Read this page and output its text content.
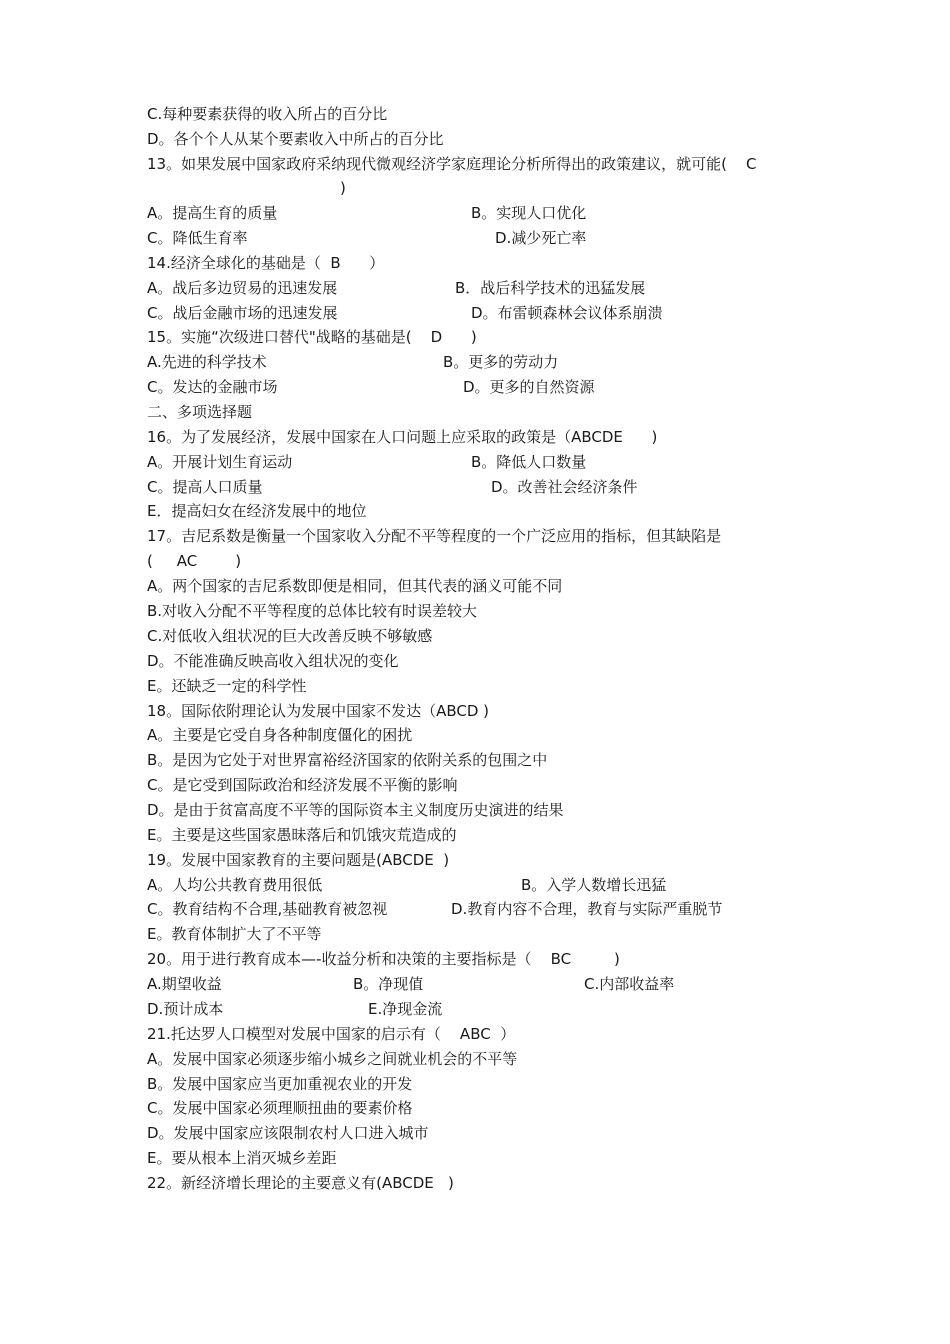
C.每种要素获得的收入所占的百分比
D。各个个人从某个要素收入中所占的百分比
13。如果发展中国家政府采纳现代微观经济学家庭理论分析所得出的政策建议，就可能(    C
)
A。提高生育的质量	B。实现人口优化
C。降低生育率	D.减少死亡率
14.经济全球化的基础是（  B      ）
A。战后多边贸易的迅速发展	B．战后科学技术的迅猛发展
C。战后金融市场的迅速发展	D。布雷顿森林会议体系崩溃
15。实施“次级进口替代"战略的基础是(    D      )
A.先进的科学技术	B。更多的劳动力
C。发达的金融市场	D。更多的自然资源
二、多项选择题
16。为了发展经济，发展中国家在人口问题上应采取的政策是（ABCDE      )
A。开展计划生育运动	B。降低人口数量
C。提高人口质量	D。改善社会经济条件
E．提高妇女在经济发展中的地位
17。吉尼系数是衡量一个国家收入分配不平等程度的一个广泛应用的指标，但其缺陷是
(     AC        )
A。两个国家的吉尼系数即便是相同，但其代表的涵义可能不同
B.对收入分配不平等程度的总体比较有时误差较大
C.对低收入组状况的巨大改善反映不够敏感
D。不能准确反映高收入组状况的变化
E。还缺乏一定的科学性
18。国际依附理论认为发展中国家不发达（ABCD )
A。主要是它受自身各种制度僵化的困扰
B。是因为它处于对世界富裕经济国家的依附关系的包围之中
C。是它受到国际政治和经济发展不平衡的影响
D。是由于贫富高度不平等的国际资本主义制度历史演进的结果
E。主要是这些国家愚昧落后和饥饿灾荒造成的
19。发展中国家教育的主要问题是(ABCDE  )
A。人均公共教育费用很低	B。入学人数增长迅猛
C。教育结构不合理,基础教育被忽视	D.教育内容不合理，教育与实际严重脱节
E。教育体制扩大了不平等
20。用于进行教育成本—-收益分析和决策的主要指标是（    BC         )
A.期望收益	B。净现值	C.内部收益率
D.预计成本	E.净现金流
21.托达罗人口模型对发展中国家的启示有（    ABC  ）
A。发展中国家必须逐步缩小城乡之间就业机会的不平等
B。发展中国家应当更加重视农业的开发
C。发展中国家必须理顺扭曲的要素价格
D。发展中国家应该限制农村人口进入城市
E。要从根本上消灭城乡差距
22。新经济增长理论的主要意义有(ABCDE   )
